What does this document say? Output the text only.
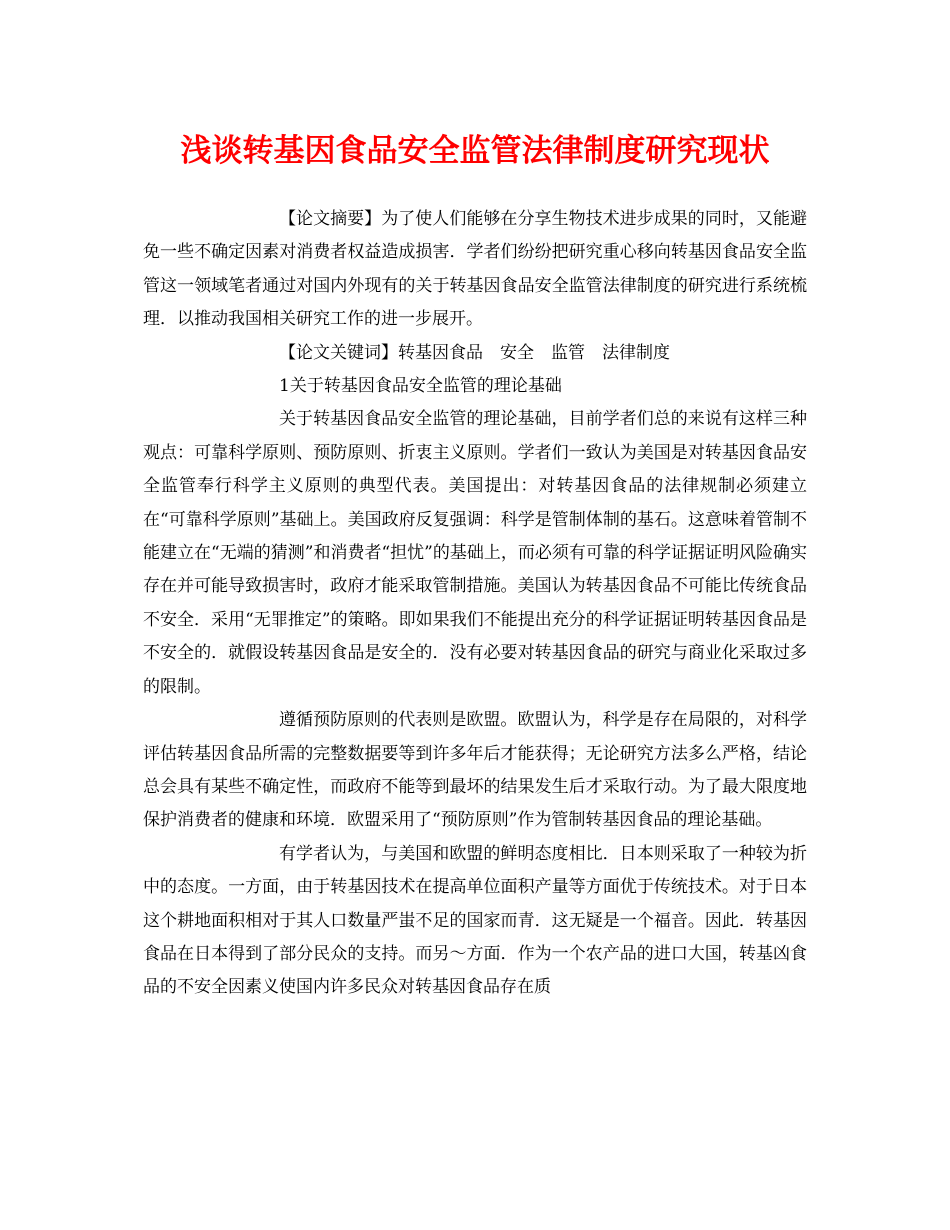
浅谈转基因食品安全监管法律制度研究现状

【论文摘要】为了使人们能够在分享生物技术进步成果的同时，又能避免一些不确定因素对消费者权益造成损害．学者们纷纷把研究重心移向转基因食品安全监管这一领域笔者通过对国内外现有的关于转基因食品安全监管法律制度的研究进行系统梳理．以推动我国相关研究工作的进一步展开。

【论文关键词】转基因食品　安全　监管　法律制度

1关于转基因食品安全监管的理论基础

关于转基因食品安全监管的理论基础，目前学者们总的来说有这样三种观点：可靠科学原则、预防原则、折衷主义原则。学者们一致认为美国是对转基因食品安全监管奉行科学主义原则的典型代表。美国提出：对转基因食品的法律规制必须建立在“可靠科学原则”基础上。美国政府反复强调：科学是管制体制的基石。这意味着管制不能建立在“无端的猜测”和消费者“担忧”的基础上，而必须有可靠的科学证据证明风险确实存在并可能导致损害时，政府才能采取管制措施。美国认为转基因食品不可能比传统食品不安全．采用“无罪推定”的策略。即如果我们不能提出充分的科学证据证明转基因食品是不安全的．就假设转基因食品是安全的．没有必要对转基因食品的研究与商业化采取过多的限制。

遵循预防原则的代表则是欧盟。欧盟认为，科学是存在局限的，对科学评估转基因食品所需的完整数据要等到许多年后才能获得；无论研究方法多么严格，结论总会具有某些不确定性，而政府不能等到最坏的结果发生后才采取行动。为了最大限度地保护消费者的健康和环境．欧盟采用了“预防原则”作为管制转基因食品的理论基础。

有学者认为，与美国和欧盟的鲜明态度相比．日本则采取了一种较为折中的态度。一方面，由于转基因技术在提高单位面积产量等方面优于传统技术。对于日本这个耕地面积相对于其人口数量严蚩不足的国家而青．这无疑是一个福音。因此．转基因食品在日本得到了部分民众的支持。而另～方面．作为一个农产品的进口大国，转基凶食品的不安全因素义使国内许多民众对转基因食品存在质
